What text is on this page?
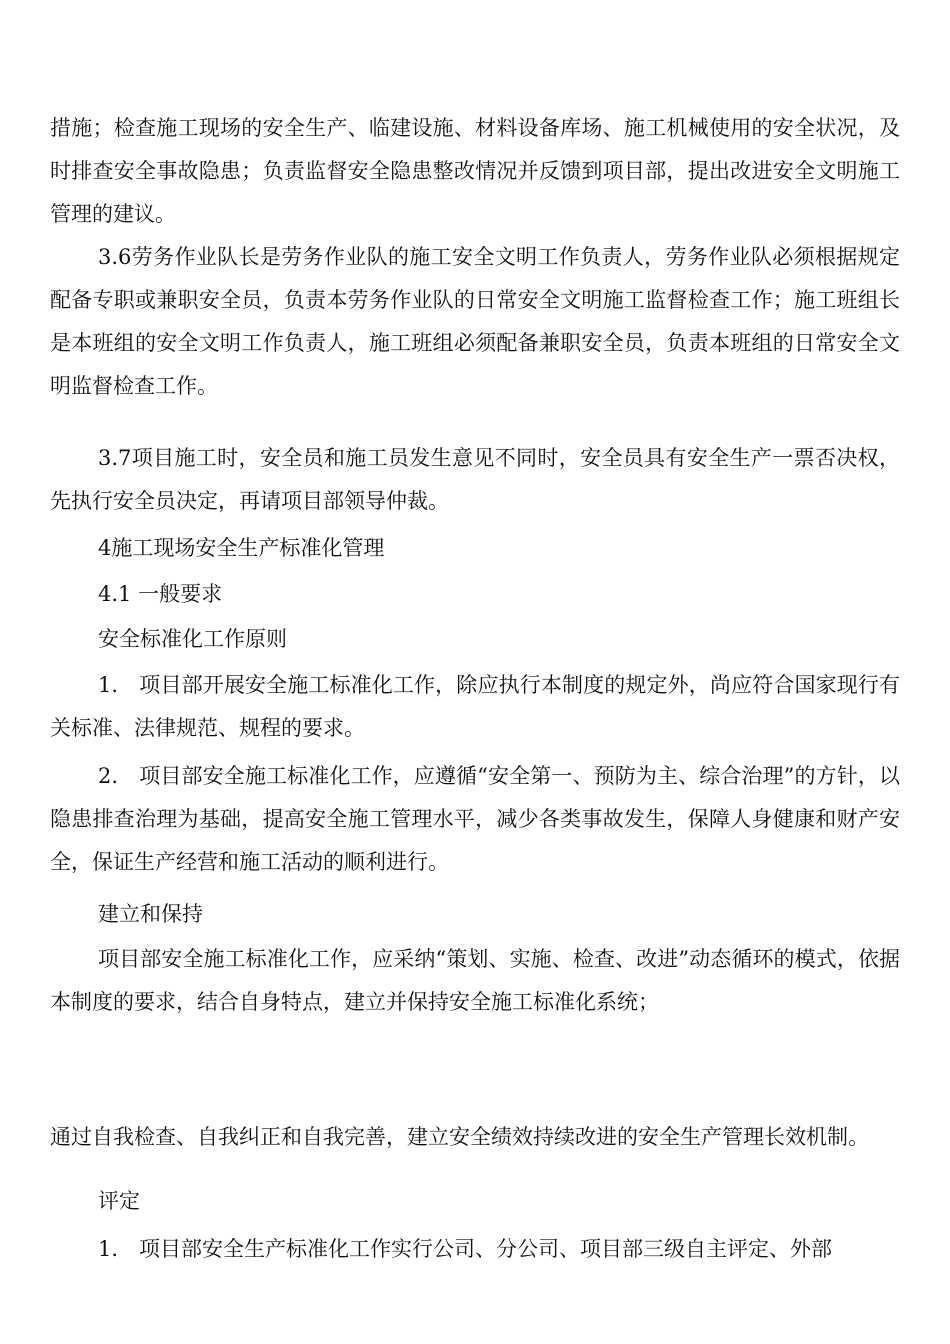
措施；检查施工现场的安全生产、临建设施、材料设备库场、施工机械使用的安全状况，及时排查安全事故隐患；负责监督安全隐患整改情况并反馈到项目部，提出改进安全文明施工管理的建议。

3.6劳务作业队长是劳务作业队的施工安全文明工作负责人，劳务作业队必须根据规定配备专职或兼职安全员，负责本劳务作业队的日常安全文明施工监督检查工作；施工班组长是本班组的安全文明工作负责人，施工班组必须配备兼职安全员，负责本班组的日常安全文明监督检查工作。

3.7项目施工时，安全员和施工员发生意见不同时，安全员具有安全生产一票否决权，先执行安全员决定，再请项目部领导仲裁。

4施工现场安全生产标准化管理

4.1 一般要求

安全标准化工作原则

1.　项目部开展安全施工标准化工作，除应执行本制度的规定外，尚应符合国家现行有关标准、法律规范、规程的要求。

2.　项目部安全施工标准化工作，应遵循“安全第一、预防为主、综合治理”的方针，以隐患排查治理为基础，提高安全施工管理水平，减少各类事故发生，保障人身健康和财产安全，保证生产经营和施工活动的顺利进行。

建立和保持

项目部安全施工标准化工作，应采纳“策划、实施、检查、改进”动态循环的模式，依据本制度的要求，结合自身特点，建立并保持安全施工标准化系统；

通过自我检查、自我纠正和自我完善，建立安全绩效持续改进的安全生产管理长效机制。

评定

1.　项目部安全生产标准化工作实行公司、分公司、项目部三级自主评定、外部
